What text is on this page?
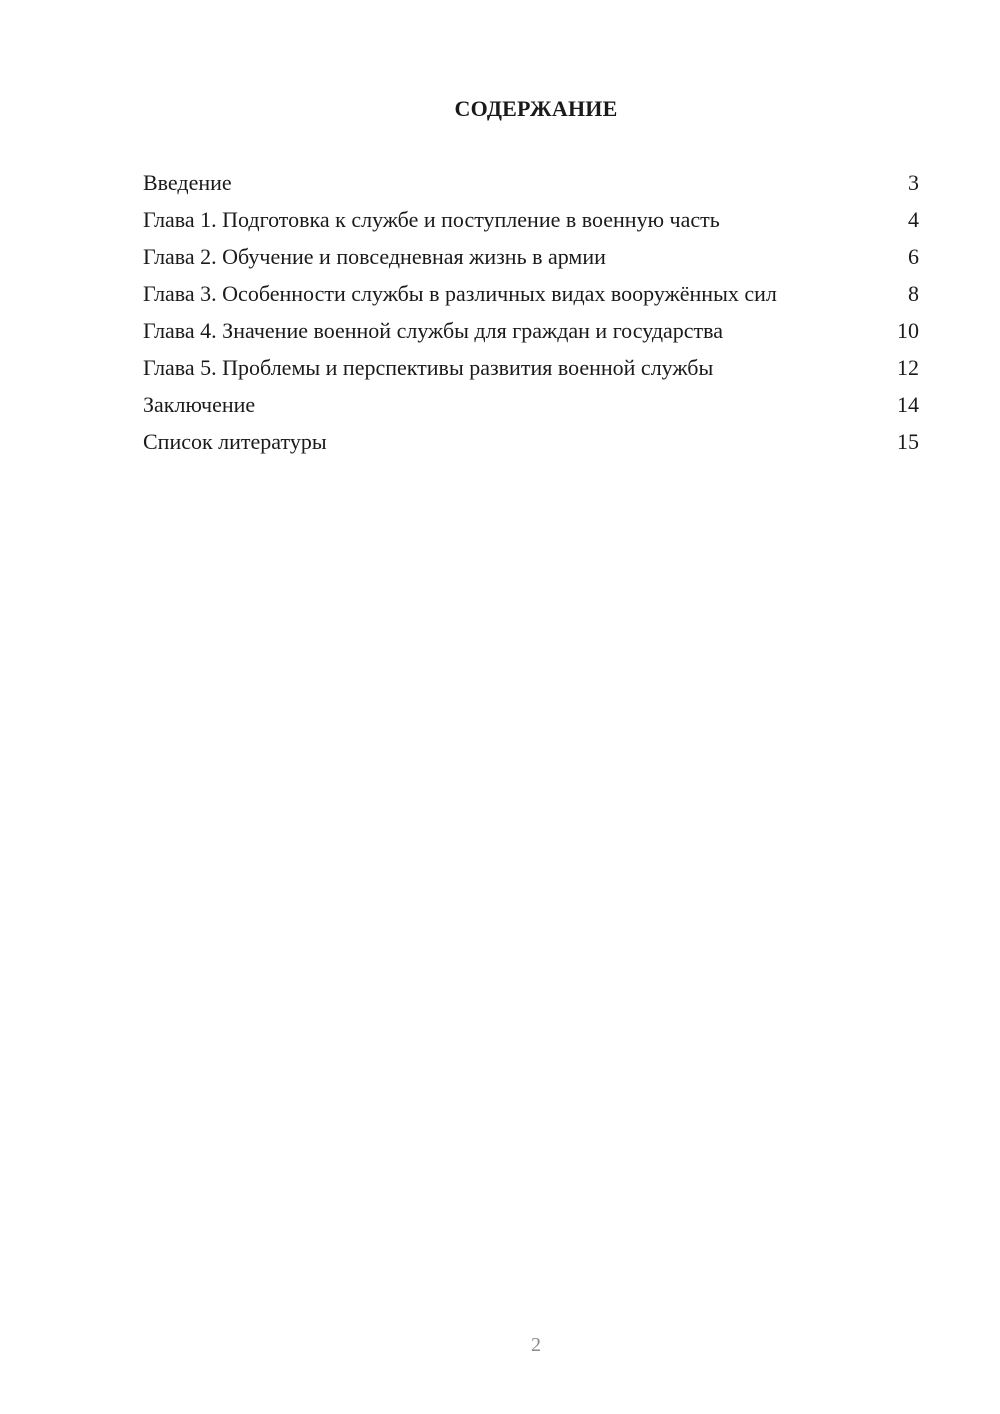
СОДЕРЖАНИЕ
Введение	3
Глава 1. Подготовка к службе и поступление в военную часть	4
Глава 2. Обучение и повседневная жизнь в армии	6
Глава 3. Особенности службы в различных видах вооружённых сил	8
Глава 4. Значение военной службы для граждан и государства	10
Глава 5. Проблемы и перспективы развития военной службы	12
Заключение	14
Список литературы	15
2
